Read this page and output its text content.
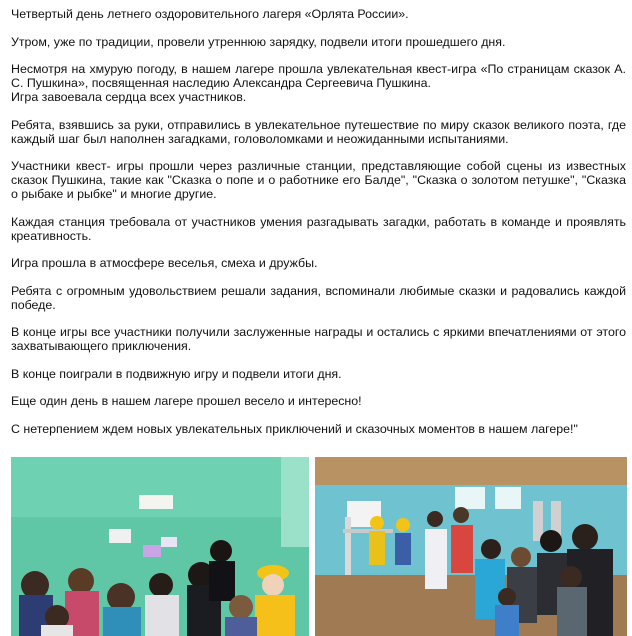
Четвертый день летнего оздоровительного лагеря «Орлята России».

Утром, уже по традиции, провели утреннюю зарядку, подвели итоги прошедшего дня.

Несмотря на хмурую погоду, в нашем лагере прошла увлекательная квест-игра «По страницам сказок А. С. Пушкина», посвященная наследию Александра Сергеевича Пушкина.
Игра завоевала сердца всех участников.

Ребята, взявшись за руки, отправились в увлекательное путешествие по миру сказок великого поэта, где каждый шаг был наполнен загадками, головоломками и неожиданными испытаниями.

Участники квест- игры прошли через различные станции, представляющие собой сцены из известных сказок Пушкина, такие как "Сказка о попе и о работнике его Балде", "Сказка о золотом петушке", "Сказка о рыбаке и рыбке" и многие другие.

Каждая станция требовала от участников умения разгадывать загадки, работать в команде и проявлять креативность.

Игра прошла в атмосфере веселья, смеха и дружбы.

Ребята с огромным удовольствием решали задания, вспоминали любимые сказки и радовались каждой победе.

В конце игры все участники получили заслуженные награды и остались с яркими впечатлениями от этого захватывающего приключения.

В конце поиграли в подвижную игру и подвели итоги дня.

Еще один день в нашем лагере прошел весело и интересно!

С нетерпением ждем новых увлекательных приключений и сказочных моментов в нашем лагере!"
